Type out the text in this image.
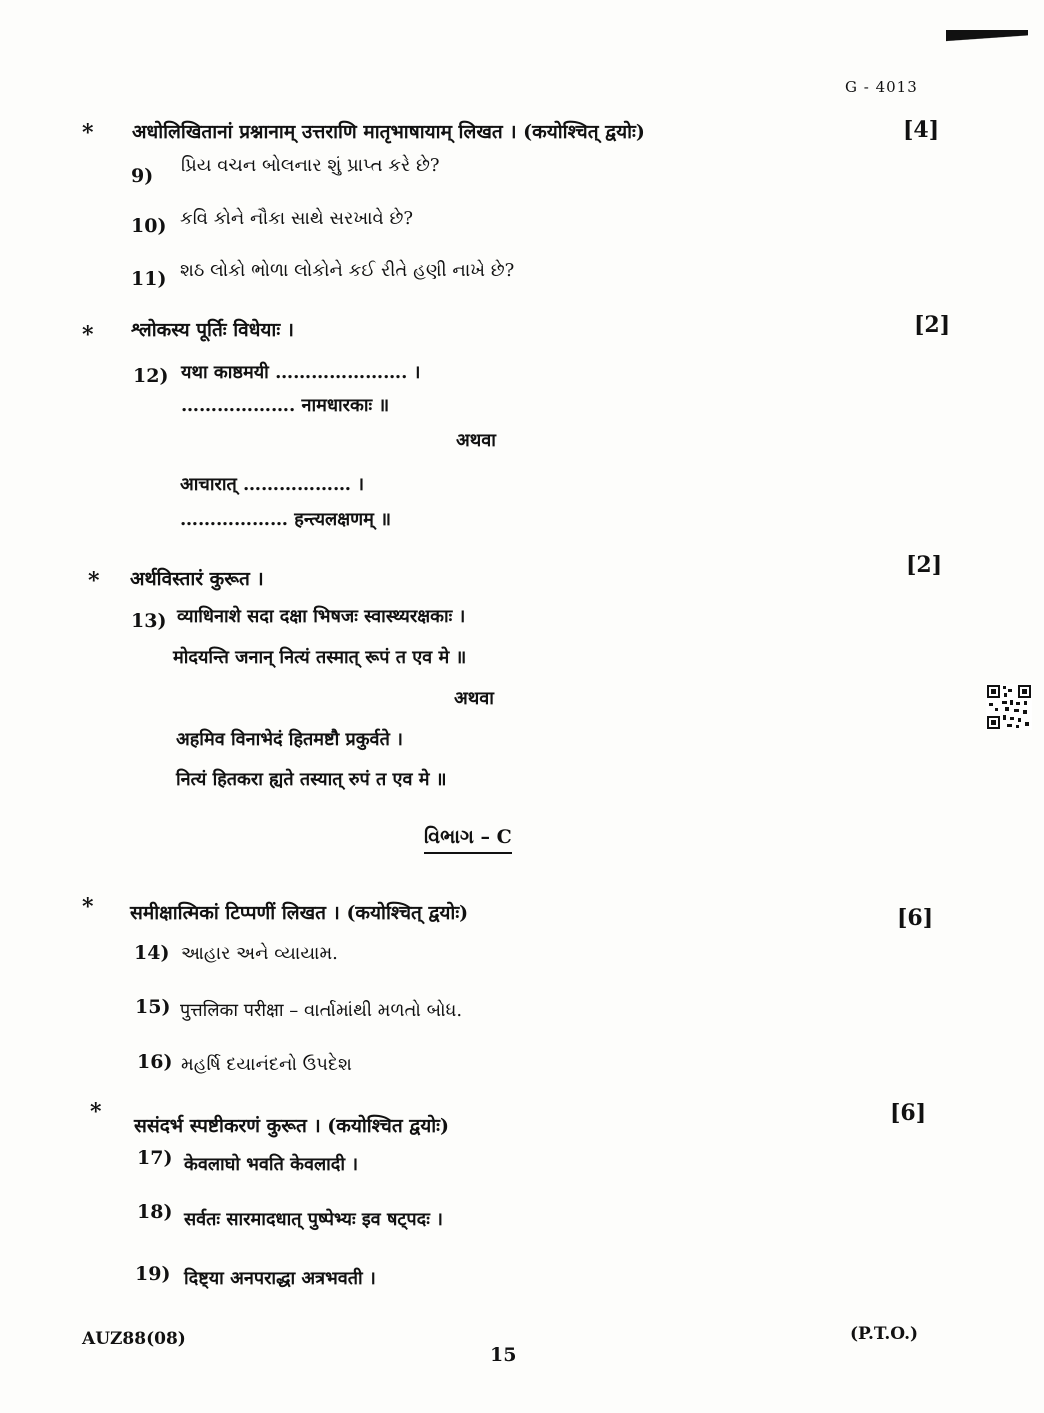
G - 4013
* अधोलिखितानां प्रश्नानाम् उत्तराणि मातृभाषायाम् लिखत । (कयोश्चित् द्वयोः)	[4]
9) પ્રિય વચન બોલનાર શું પ્રાપ્ત કરે છે?
10) કવિ કોને નૌકા સાથે સરખાવે છે?
11) શઠ લોકો ભોળા લોકોને કઈ રીતે હણી નાખે છે?
* श्लोकस्य पूर्तिः विधेयाः ।	[2]
12) यथा काष्ठमयी …………………. ।
………………. नामधारकाः ॥
अथवा
आचारात् ……………… ।
……………… हन्त्यलक्षणम् ॥
* अर्थविस्तारं कुरूत ।
[2]
13) व्याधिनाशे सदा दक्षा भिषजः स्वास्थ्यरक्षकाः ।
मोदयन्ति जनान् नित्यं तस्मात् रूपं त एव मे ॥
अथवा
अहमिव विनाभेदं हितमष्टौ प्रकुर्वते ।
नित्यं हितकरा ह्यते तस्यात् रुपं त एव मे ॥
વિભાગ – C
* समीक्षात्मिकां टिप्पणीं लिखत । (कयोश्चित् द्वयोः)	[6]
14) આહાર અને વ્યાયામ.
15) पुत्तलिका परीक्षा – વાર્તામાંથી મળતો બોધ.
16) મહર્ષિ દયાનંદનો ઉપદેશ
*
ससंदर्भ स्पष्टीकरणं कुरूत । (कयोश्चित द्वयोः)	[6]
17) केवलाघो भवति केवलादी ।
18) सर्वतः सारमादधात् पुष्पेभ्यः इव षट्पदः ।
19) दिष्ट्या अनपराद्धा अत्रभवती ।
AUZ88(08)
15
(P.T.O.)
